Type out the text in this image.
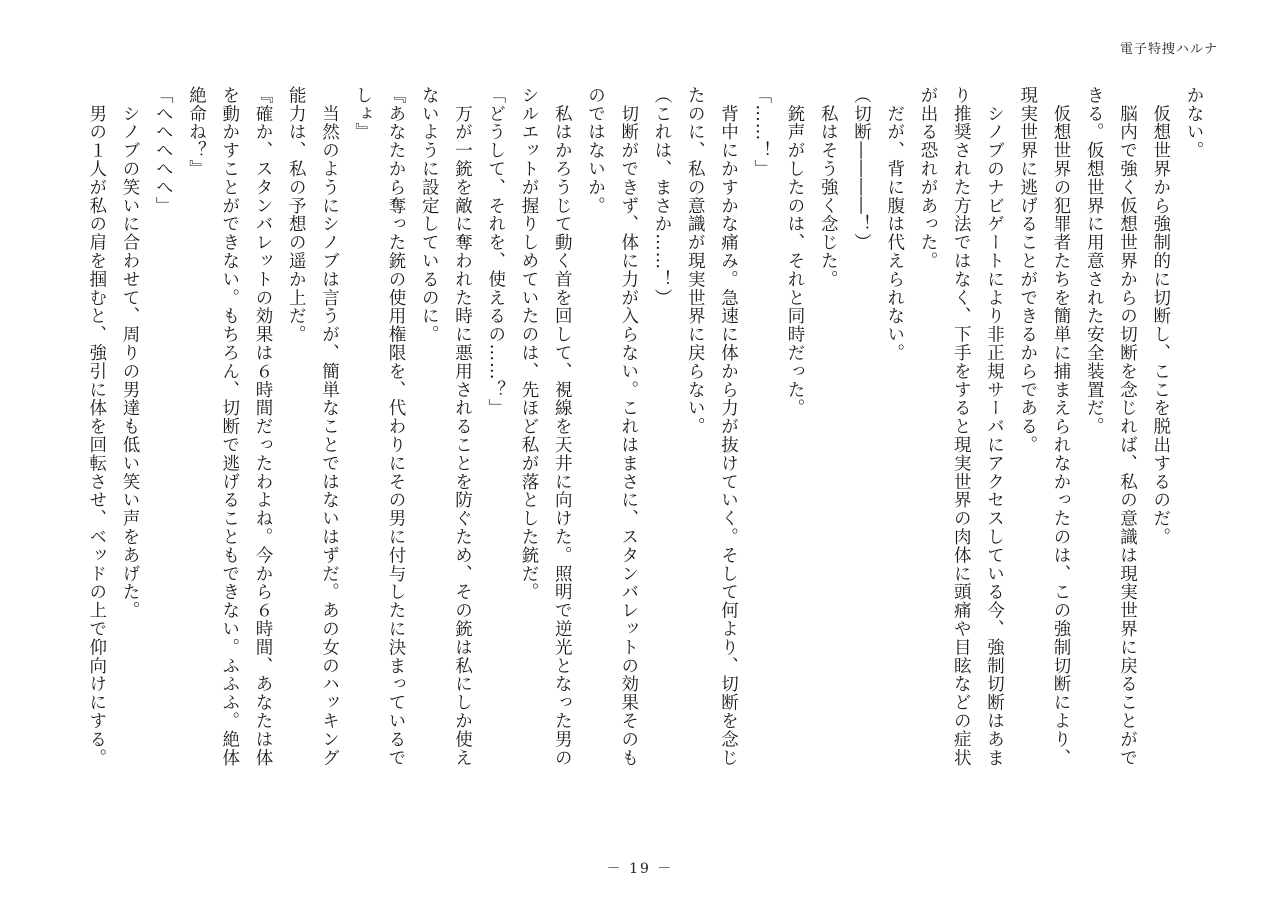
電子特捜ハルナ
かない。
　仮想世界から強制的に切断し、ここを脱出するのだ。
　脳内で強く仮想世界からの切断を念じれば、私の意識は現実世界に戻ることがで
きる。仮想世界に用意された安全装置だ。
　仮想世界の犯罪者たちを簡単に捕まえられなかったのは、この強制切断により、
現実世界に逃げることができるからである。
　シノブのナビゲートにより非正規サーバにアクセスしている今、強制切断はあま
り推奨された方法ではなく、下手をすると現実世界の肉体に頭痛や目眩などの症状
が出る恐れがあった。
　だが、背に腹は代えられない。
（切断――――！）
　私はそう強く念じた。
　銃声がしたのは、それと同時だった。
「……！」
　背中にかすかな痛み。急速に体から力が抜けていく。そして何より、切断を念じ
たのに、私の意識が現実世界に戻らない。
（これは、まさか……！）
　切断ができず、体に力が入らない。これはまさに、スタンバレットの効果そのも
のではないか。
　私はかろうじて動く首を回して、視線を天井に向けた。照明で逆光となった男の
シルエットが握りしめていたのは、先ほど私が落とした銃だ。
「どうして、それを、使えるの……？」
　万が一銃を敵に奪われた時に悪用されることを防ぐため、その銃は私にしか使え
ないように設定しているのに。
『あなたから奪った銃の使用権限を、代わりにその男に付与したに決まっているで
しょ』
　当然のようにシノブは言うが、簡単なことではないはずだ。あの女のハッキング
能力は、私の予想の遥か上だ。
『確か、スタンバレットの効果は６時間だったわよね。今から６時間、あなたは体
を動かすことができない。もちろん、切断で逃げることもできない。ふふふ。絶体
絶命ね？』
「へへへへへ」
　シノブの笑いに合わせて、周りの男達も低い笑い声をあげた。
　男の１人が私の肩を掴むと、強引に体を回転させ、ベッドの上で仰向けにする。
－ 19 －
